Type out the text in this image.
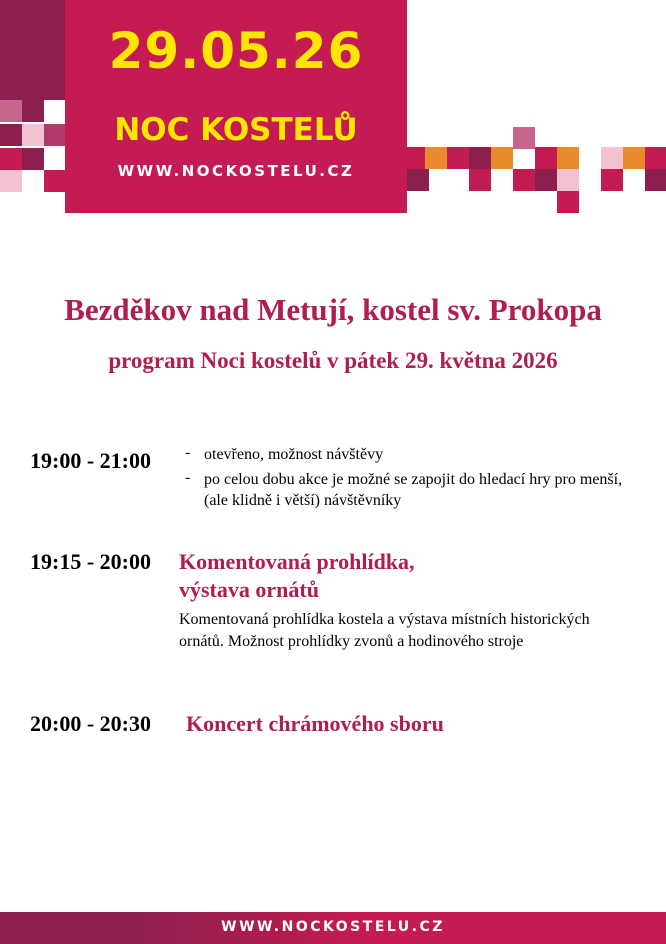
29.05.26
NOC KOSTELŮ
WWW.NOCKOSTELU.CZ
Bezděkov nad Metují, kostel sv. Prokopa
program Noci kostelů v pátek 29. května 2026
19:00 - 21:00 - otevřeno, možnost návštěvy
- po celou dobu akce je možné se zapojit do hledací hry pro menší, (ale klidně i větší) návštěvníky
19:15 - 20:00 Komentovaná prohlídka,
výstava ornátů
Komentovaná prohlídka kostela a výstava místních historických ornátů. Možnost prohlídky zvonů a hodinového stroje
20:00 - 20:30 Koncert chrámového sboru
WWW.NOCKOSTELU.CZ
